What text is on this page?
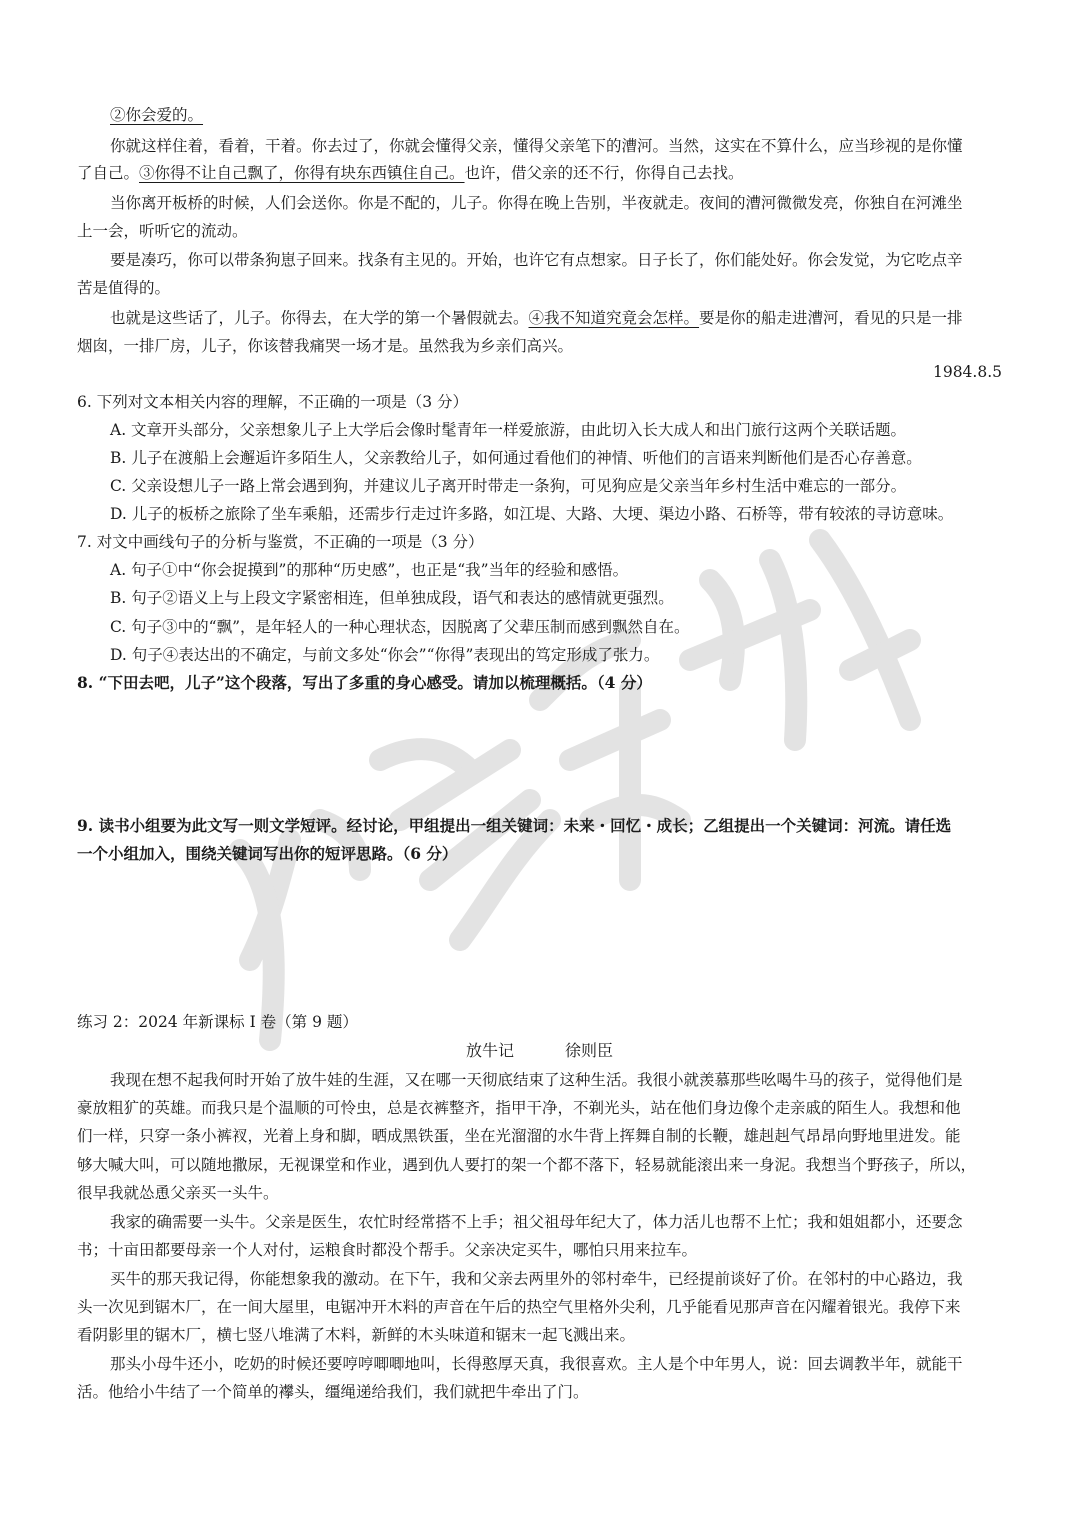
②你会爱的。
你就这样住着，看着，干着。你去过了，你就会懂得父亲，懂得父亲笔下的漕河。当然，这实在不算什么，应当珍视的是你懂
了自己。③你得不让自己飘了，你得有块东西镇住自己。也许，借父亲的还不行，你得自己去找。
当你离开板桥的时候，人们会送你。你是不配的，儿子。你得在晚上告别，半夜就走。夜间的漕河微微发亮，你独自在河滩坐
上一会，听听它的流动。
要是凑巧，你可以带条狗崽子回来。找条有主见的。开始，也许它有点想家。日子长了，你们能处好。你会发觉，为它吃点辛
苦是值得的。
也就是这些话了，儿子。你得去，在大学的第一个暑假就去。④我不知道究竟会怎样。要是你的船走进漕河，看见的只是一排
烟囱，一排厂房，儿子，你该替我痛哭一场才是。虽然我为乡亲们高兴。
1984.8.5
6. 下列对文本相关内容的理解，不正确的一项是（3 分）
A. 文章开头部分，父亲想象儿子上大学后会像时髦青年一样爱旅游，由此切入长大成人和出门旅行这两个关联话题。
B. 儿子在渡船上会邂逅许多陌生人，父亲教给儿子，如何通过看他们的神情、听他们的言语来判断他们是否心存善意。
C. 父亲设想儿子一路上常会遇到狗，并建议儿子离开时带走一条狗，可见狗应是父亲当年乡村生活中难忘的一部分。
D. 儿子的板桥之旅除了坐车乘船，还需步行走过许多路，如江堤、大路、大埂、渠边小路、石桥等，带有较浓的寻访意味。
7. 对文中画线句子的分析与鉴赏，不正确的一项是（3 分）
A. 句子①中“你会捉摸到”的那种“历史感”，也正是“我”当年的经验和感悟。
B. 句子②语义上与上段文字紧密相连，但单独成段，语气和表达的感情就更强烈。
C. 句子③中的“飘”，是年轻人的一种心理状态，因脱离了父辈压制而感到飘然自在。
D. 句子④表达出的不确定，与前文多处“你会”“你得”表现出的笃定形成了张力。
8. “下田去吧，儿子”这个段落，写出了多重的身心感受。请加以梳理概括。（4 分）
9. 读书小组要为此文写一则文学短评。经讨论，甲组提出一组关键词：未来・回忆・成长；乙组提出一个关键词：河流。请任选
一个小组加入，围绕关键词写出你的短评思路。（6 分）
练习 2：2024 年新课标 I 卷（第 9 题）
放牛记	徐则臣
我现在想不起我何时开始了放牛娃的生涯，又在哪一天彻底结束了这种生活。我很小就羡慕那些吆喝牛马的孩子，觉得他们是
豪放粗犷的英雄。而我只是个温顺的可怜虫，总是衣裤整齐，指甲干净，不剃光头，站在他们身边像个走亲戚的陌生人。我想和他
们一样，只穿一条小裤衩，光着上身和脚，晒成黑铁蛋，坐在光溜溜的水牛背上挥舞自制的长鞭，雄赳赳气昂昂向野地里进发。能
够大喊大叫，可以随地撒尿，无视课堂和作业，遇到仇人要打的架一个都不落下，轻易就能滚出来一身泥。我想当个野孩子，所以，
很早我就怂恿父亲买一头牛。
我家的确需要一头牛。父亲是医生，农忙时经常搭不上手；祖父祖母年纪大了，体力活儿也帮不上忙；我和姐姐都小，还要念
书；十亩田都要母亲一个人对付，运粮食时都没个帮手。父亲决定买牛，哪怕只用来拉车。
买牛的那天我记得，你能想象我的激动。在下午，我和父亲去两里外的邻村牵牛，已经提前谈好了价。在邻村的中心路边，我
头一次见到锯木厂，在一间大屋里，电锯冲开木料的声音在午后的热空气里格外尖利，几乎能看见那声音在闪耀着银光。我停下来
看阴影里的锯木厂，横七竖八堆满了木料，新鲜的木头味道和锯末一起飞溅出来。
那头小母牛还小，吃奶的时候还要哼哼唧唧地叫，长得憨厚天真，我很喜欢。主人是个中年男人，说：回去调教半年，就能干
活。他给小牛结了一个简单的襻头，缰绳递给我们，我们就把牛牵出了门。
